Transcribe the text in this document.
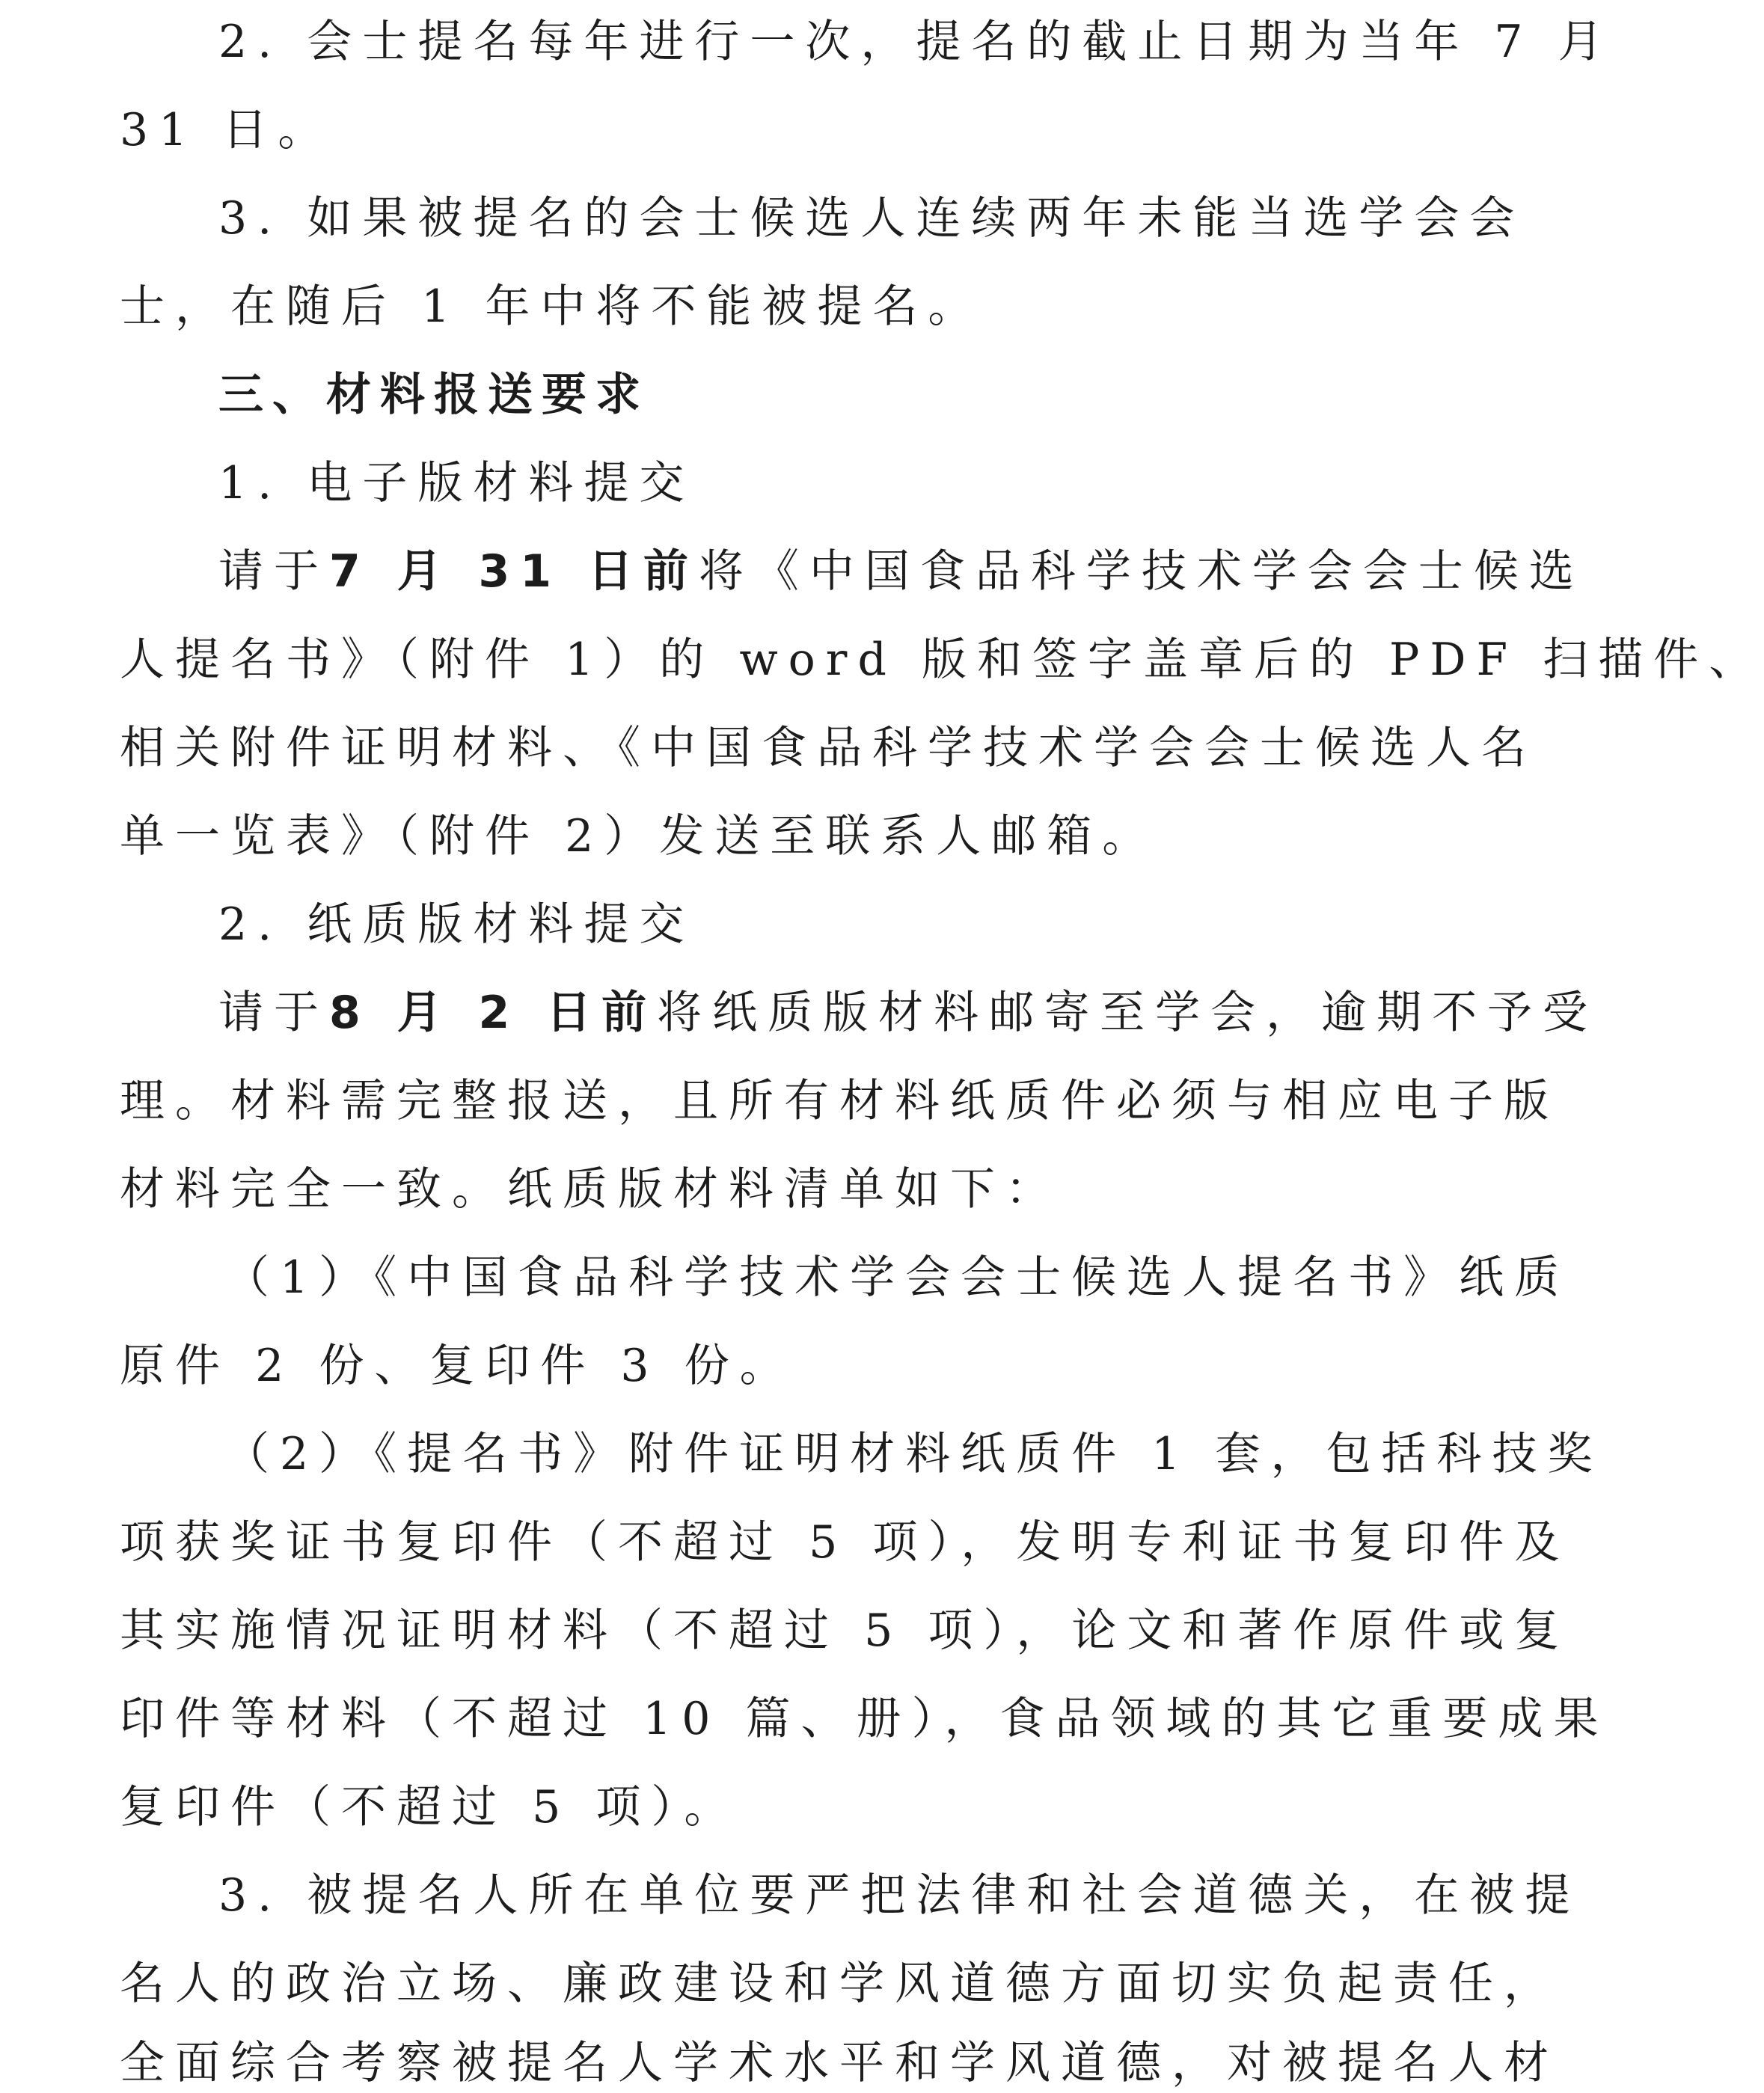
2. 会士提名每年进行一次，提名的截止日期为当年 7 月
31 日。
3. 如果被提名的会士候选人连续两年未能当选学会会
士，在随后 1 年中将不能被提名。
三、材料报送要求
1. 电子版材料提交
请于7 月 31 日前将《中国食品科学技术学会会士候选
人提名书》（附件 1）的 word 版和签字盖章后的 PDF 扫描件、
相关附件证明材料、《中国食品科学技术学会会士候选人名
单一览表》（附件 2）发送至联系人邮箱。
2. 纸质版材料提交
请于8 月 2 日前将纸质版材料邮寄至学会，逾期不予受
理。材料需完整报送，且所有材料纸质件必须与相应电子版
材料完全一致。纸质版材料清单如下：
（1）《中国食品科学技术学会会士候选人提名书》纸质
原件 2 份、复印件 3 份。
（2）《提名书》附件证明材料纸质件 1 套，包括科技奖
项获奖证书复印件（不超过 5 项），发明专利证书复印件及
其实施情况证明材料（不超过 5 项），论文和著作原件或复
印件等材料（不超过 10 篇、册），食品领域的其它重要成果
复印件（不超过 5 项）。
3. 被提名人所在单位要严把法律和社会道德关，在被提
名人的政治立场、廉政建设和学风道德方面切实负起责任，
全面综合考察被提名人学术水平和学风道德，对被提名人材
